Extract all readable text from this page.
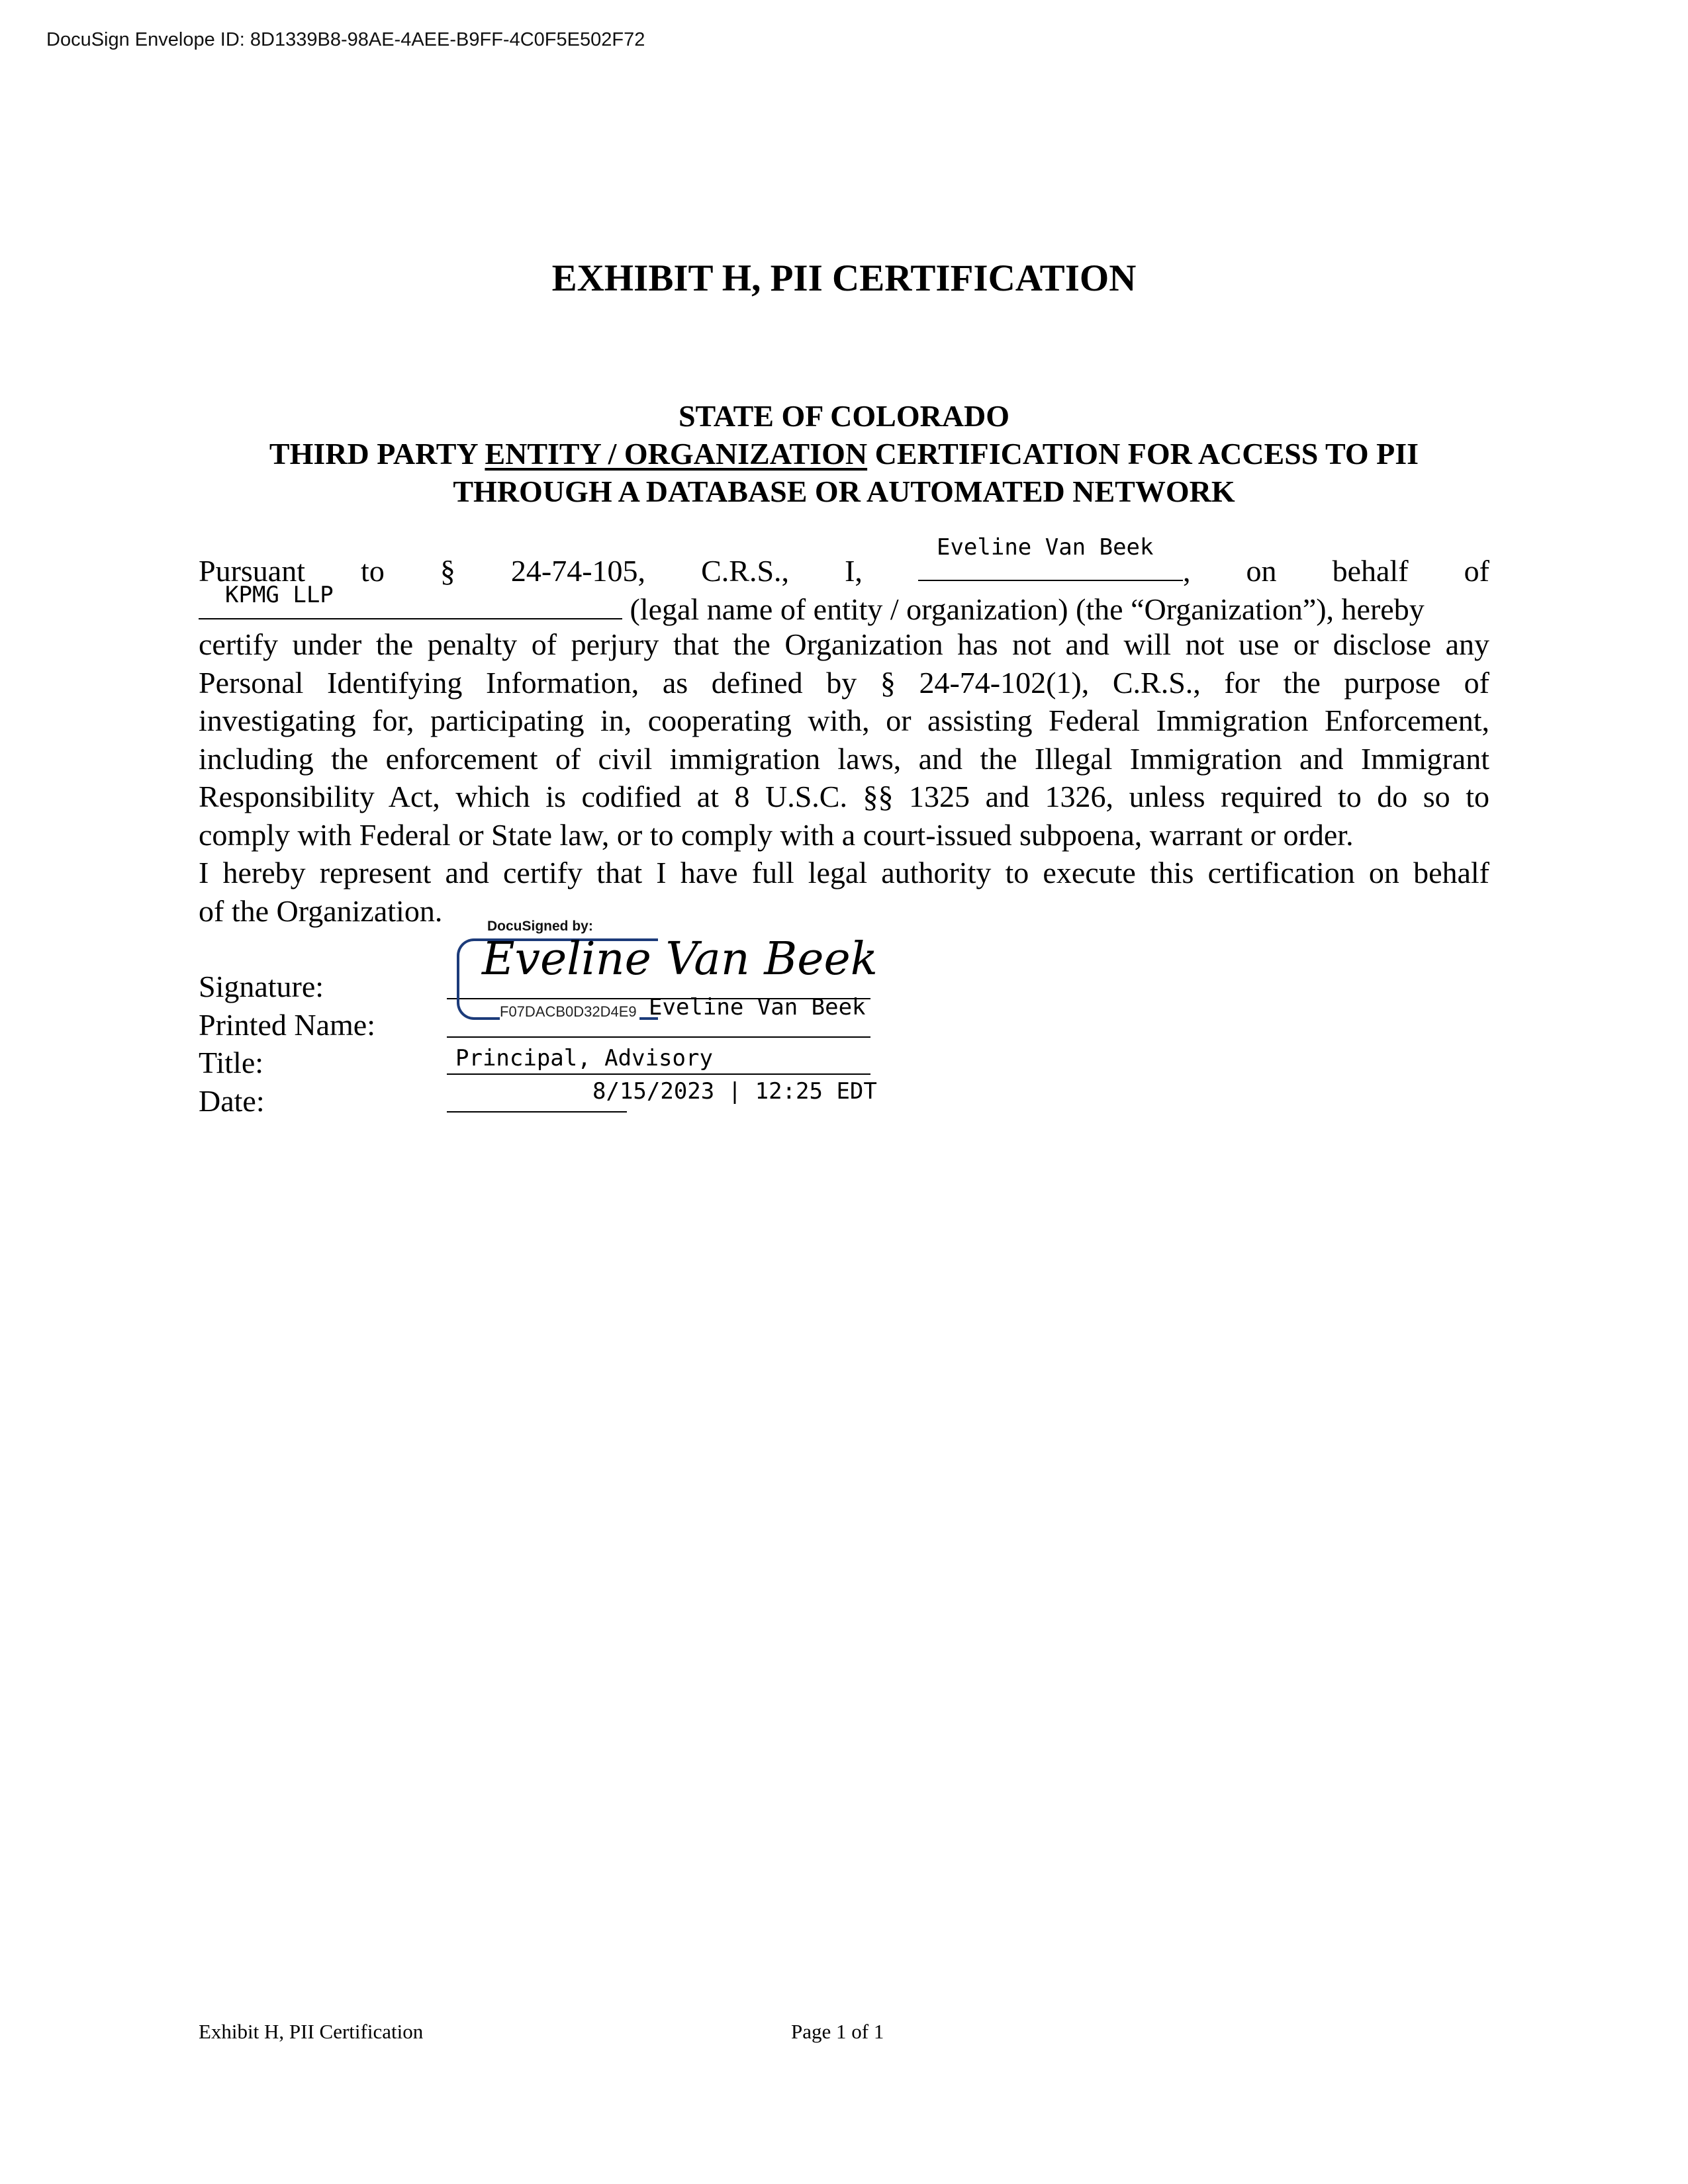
DocuSign Envelope ID: 8D1339B8-98AE-4AEE-B9FF-4C0F5E502F72
EXHIBIT H, PII CERTIFICATION
STATE OF COLORADO
THIRD PARTY ENTITY / ORGANIZATION CERTIFICATION FOR ACCESS TO PII
THROUGH A DATABASE OR AUTOMATED NETWORK
Pursuant to § 24-74-105, C.R.S., I,
Eveline Van Beek
, on behalf of
KPMG LLP	(legal name of entity / organization) (the “Organization”), hereby
certify under the penalty of perjury that the Organization has not and will not use or disclose any
Personal Identifying Information, as defined by § 24-74-102(1), C.R.S., for the purpose of
investigating for, participating in, cooperating with, or assisting Federal Immigration Enforcement,
including the enforcement of civil immigration laws, and the Illegal Immigration and Immigrant
Responsibility Act, which is codified at 8 U.S.C. §§ 1325 and 1326, unless required to do so to
comply with Federal or State law, or to comply with a court-issued subpoena, warrant or order.
I hereby represent and certify that I have full legal authority to execute this certification on behalf
of the Organization.
Signature:
Printed Name:
Title:
Date:
DocuSigned by:
Eveline Van Beek
F07DACB0D32D4E9 Eveline Van Beek
Principal, Advisory
8/15/2023 | 12:25 EDT
Exhibit H, PII Certification	Page 1 of 1
